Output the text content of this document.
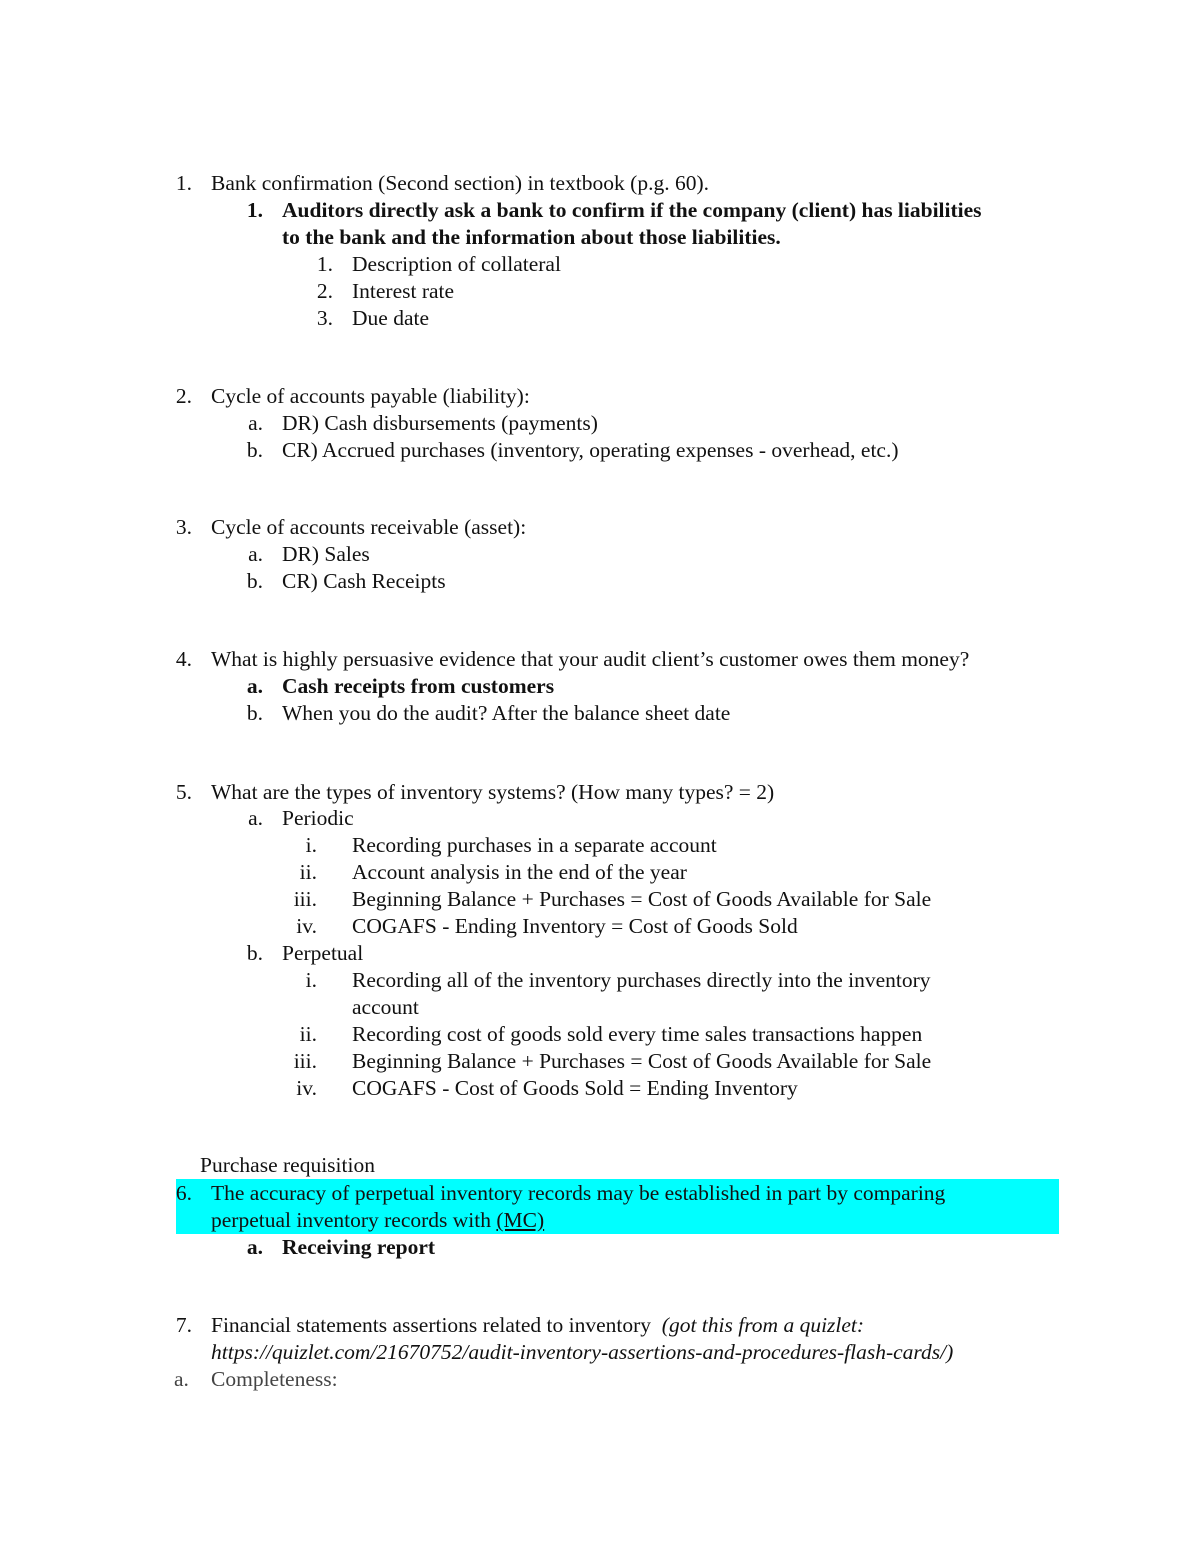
1. Bank confirmation (Second section) in textbook (p.g. 60).
1. Auditors directly ask a bank to confirm if the company (client) has liabilities
to the bank and the information about those liabilities.
1. Description of collateral
2. Interest rate
3. Due date
2. Cycle of accounts payable (liability):
a. DR) Cash disbursements (payments)
b. CR) Accrued purchases (inventory, operating expenses - overhead, etc.)
3. Cycle of accounts receivable (asset):
a. DR) Sales
b. CR) Cash Receipts
4. What is highly persuasive evidence that your audit client’s customer owes them money?
a. Cash receipts from customers
b. When you do the audit? After the balance sheet date
5. What are the types of inventory systems? (How many types? = 2)
a. Periodic
i. Recording purchases in a separate account
ii. Account analysis in the end of the year
iii. Beginning Balance + Purchases = Cost of Goods Available for Sale
iv. COGAFS - Ending Inventory = Cost of Goods Sold
b. Perpetual
i. Recording all of the inventory purchases directly into the inventory
account
ii. Recording cost of goods sold every time sales transactions happen
iii. Beginning Balance + Purchases = Cost of Goods Available for Sale
iv. COGAFS - Cost of Goods Sold = Ending Inventory
Purchase requisition
6. The accuracy of perpetual inventory records may be established in part by comparing
perpetual inventory records with (MC)
a. Receiving report
7. Financial statements assertions related to inventory (got this from a quizlet:
https://quizlet.com/21670752/audit-inventory-assertions-and-procedures-flash-cards/)
a.	Completeness:
